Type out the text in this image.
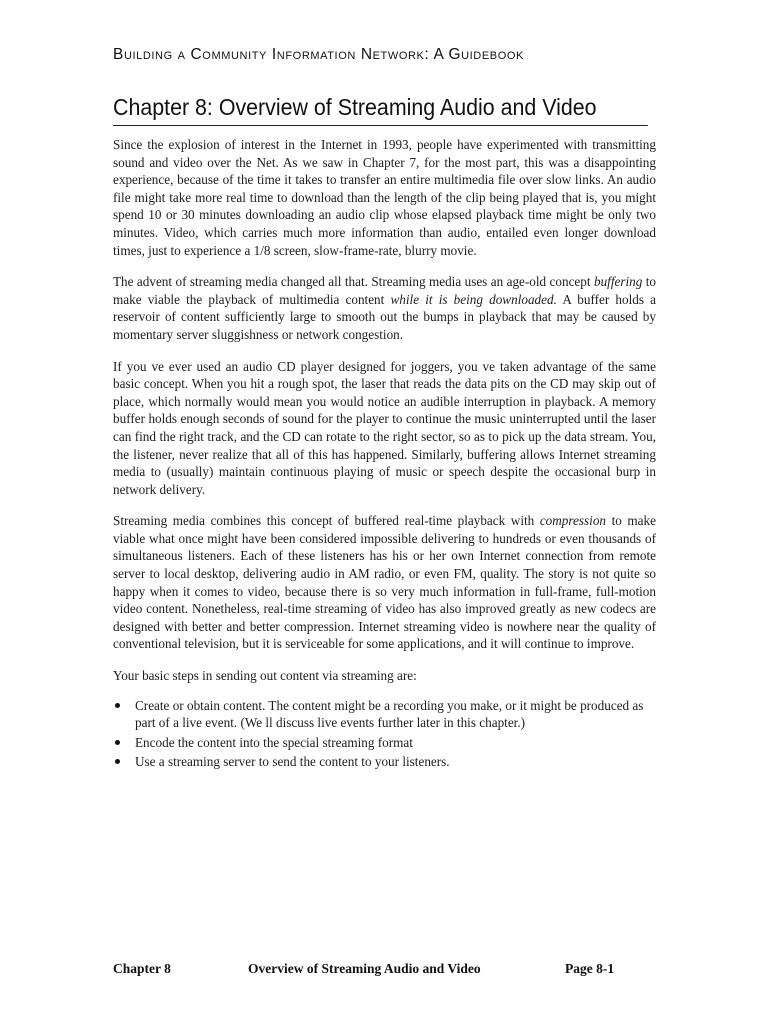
Building a Community Information Network: A Guidebook
Chapter 8: Overview of Streaming Audio and Video

Since the explosion of interest in the Internet in 1993, people have experimented with transmitting sound and video over the Net. As we saw in Chapter 7, for the most part, this was a disappointing experience, because of the time it takes to transfer an entire multimedia file over slow links. An audio file might take more real time to download than the length of the clip being played that is, you might spend 10 or 30 minutes downloading an audio clip whose elapsed playback time might be only two minutes. Video, which carries much more information than audio, entailed even longer download times, just to experience a 1/8 screen, slow-frame-rate, blurry movie.

The advent of streaming media changed all that. Streaming media uses an age-old concept buffering to make viable the playback of multimedia content while it is being downloaded. A buffer holds a reservoir of content sufficiently large to smooth out the bumps in playback that may be caused by momentary server sluggishness or network congestion.

If you ve ever used an audio CD player designed for joggers, you ve taken advantage of the same basic concept. When you hit a rough spot, the laser that reads the data pits on the CD may skip out of place, which normally would mean you would notice an audible interruption in playback. A memory buffer holds enough seconds of sound for the player to continue the music uninterrupted until the laser can find the right track, and the CD can rotate to the right sector, so as to pick up the data stream. You, the listener, never realize that all of this has happened. Similarly, buffering allows Internet streaming media to (usually) maintain continuous playing of music or speech despite the occasional burp in network delivery.

Streaming media combines this concept of buffered real-time playback with compression to make viable what once might have been considered impossible delivering to hundreds or even thousands of simultaneous listeners. Each of these listeners has his or her own Internet connection from remote server to local desktop, delivering audio in AM radio, or even FM, quality. The story is not quite so happy when it comes to video, because there is so very much information in full-frame, full-motion video content. Nonetheless, real-time streaming of video has also improved greatly as new codecs are designed with better and better compression. Internet streaming video is nowhere near the quality of conventional television, but it is serviceable for some applications, and it will continue to improve.

Your basic steps in sending out content via streaming are:

Create or obtain content. The content might be a recording you make, or it might be produced as part of a live event. (We ll discuss live events further later in this chapter.)
Encode the content into the special streaming format
Use a streaming server to send the content to your listeners.
Chapter 8	Overview of Streaming Audio and Video	Page 8-1
